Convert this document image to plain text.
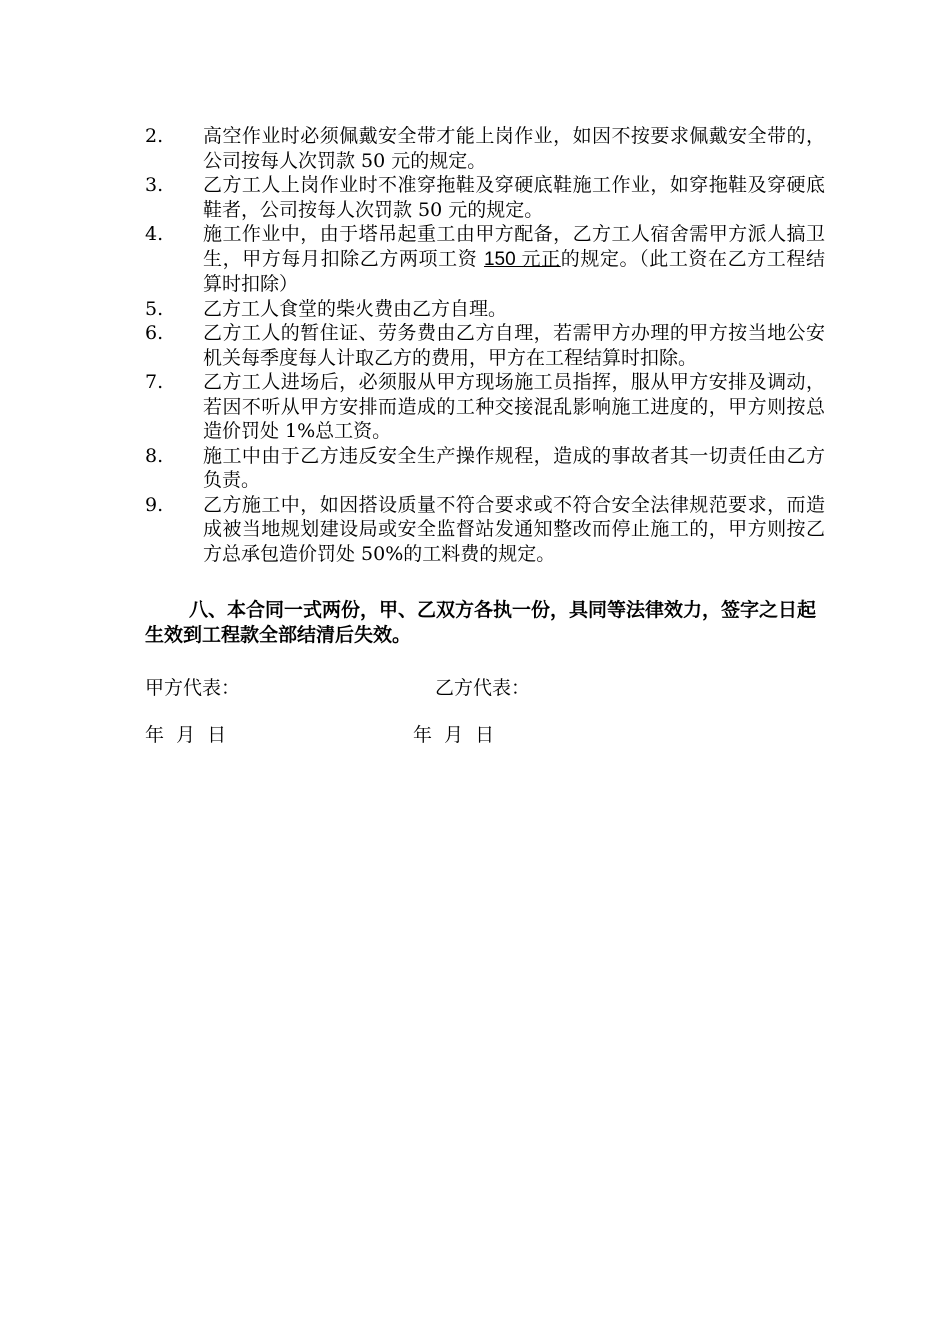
2. 高空作业时必须佩戴安全带才能上岗作业，如因不按要求佩戴安全带的，公司按每人次罚款 50 元的规定。
3. 乙方工人上岗作业时不准穿拖鞋及穿硬底鞋施工作业，如穿拖鞋及穿硬底鞋者，公司按每人次罚款 50 元的规定。
4. 施工作业中，由于塔吊起重工由甲方配备，乙方工人宿舍需甲方派人搞卫生，甲方每月扣除乙方两项工资 150 元正的规定。（此工资在乙方工程结算时扣除）
5. 乙方工人食堂的柴火费由乙方自理。
6. 乙方工人的暂住证、劳务费由乙方自理，若需甲方办理的甲方按当地公安机关每季度每人计取乙方的费用，甲方在工程结算时扣除。
7. 乙方工人进场后，必须服从甲方现场施工员指挥，服从甲方安排及调动，若因不听从甲方安排而造成的工种交接混乱影响施工进度的，甲方则按总造价罚处 1%总工资。
8. 施工中由于乙方违反安全生产操作规程，造成的事故者其一切责任由乙方负责。
9. 乙方施工中，如因搭设质量不符合要求或不符合安全法律规范要求，而造成被当地规划建设局或安全监督站发通知整改而停止施工的，甲方则按乙方总承包造价罚处 50%的工料费的规定。

八、本合同一式两份，甲、乙双方各执一份，具同等法律效力，签字之日起生效到工程款全部结清后失效。

甲方代表：	乙方代表：
年  月  日	年  月  日
